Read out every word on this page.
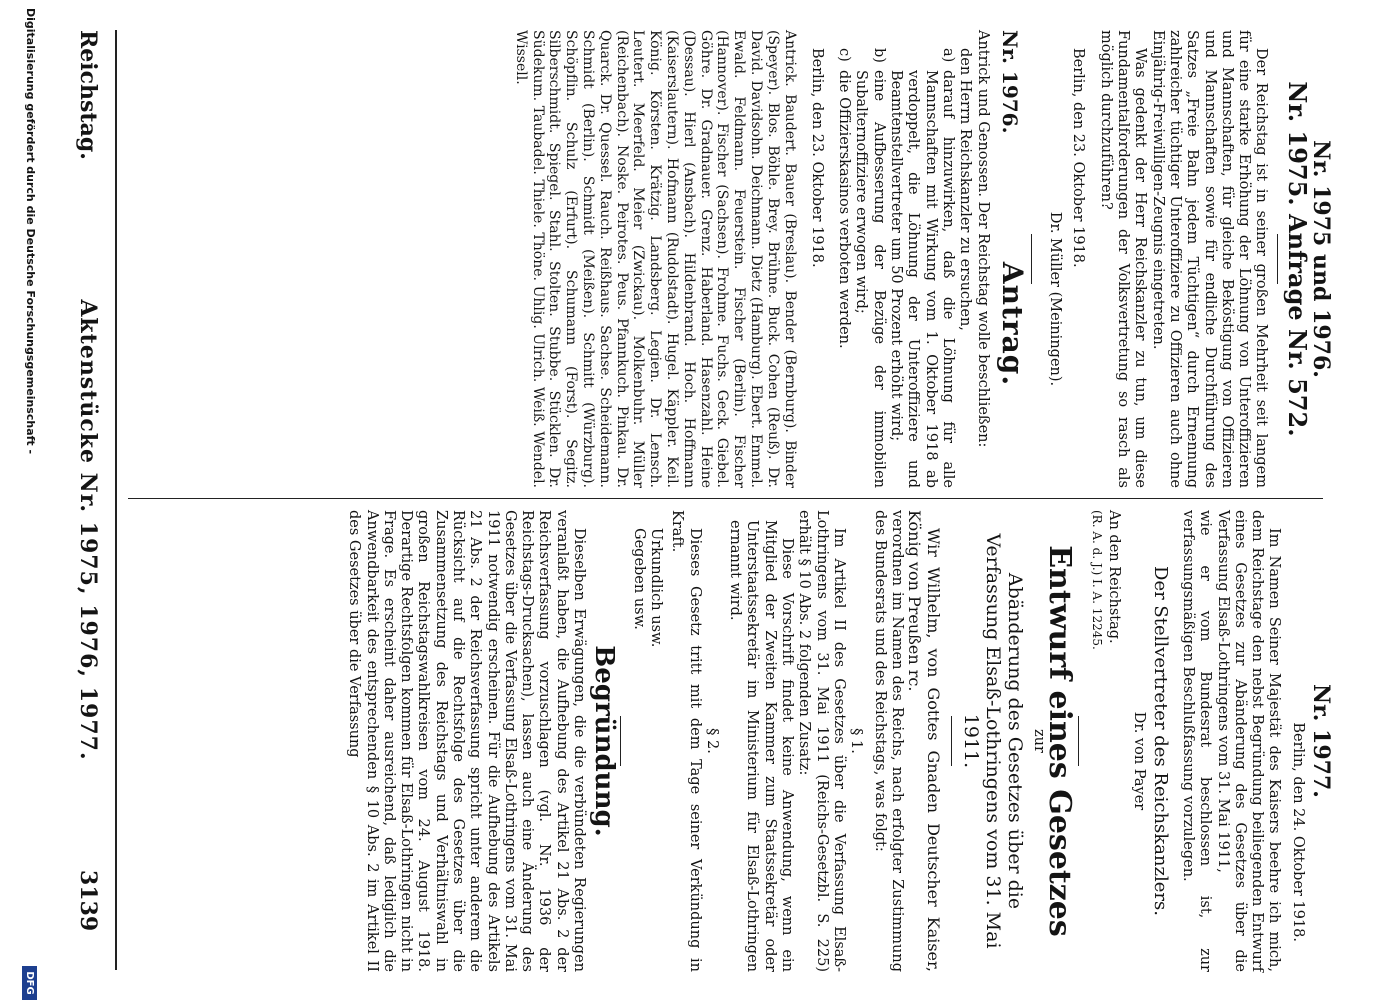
Reichstag.
Aktenstücke Nr. 1975, 1976, 1977.
3139
Nr. 1975 und 1976.
Nr. 1975. Anfrage Nr. 572.

Der Reichstag ist in seiner großen Mehrheit seit langem für eine starke Erhöhung der Löhnung von Unteroffizieren und Mannschaften, für gleiche Beköstigung von Offizieren und Mannschaften sowie für endliche Durchführung des Satzes „Freie Bahn jedem Tüchtigen“ durch Ernennung zahlreicher tüchtiger Unteroffiziere zu Offizieren auch ohne Einjährig-Freiwilligen-Zeugnis eingetreten.

Was gedenkt der Herr Reichskanzler zu tun, um diese Fundamentalforderungen der Volksvertretung so rasch als möglich durchzuführen?

Berlin, den 23. Oktober 1918.

Dr. Müller (Meiningen).

Nr. 1976.
Antrag.

Antrick und Genossen. Der Reichstag wolle beschließen:

den Herrn Reichskanzler zu ersuchen,

a)
darauf hinzuwirken, daß die Löhnung für alle Mannschaften mit Wirkung vom 1. Oktober 1918 ab verdoppelt, die Löhnung der Unteroffiziere und Beamtenstellvertreter um 50 Prozent erhöht wird;
b)
eine Aufbesserung der Bezüge der immobilen Subalternoffiziere erwogen wird;
c)
die Offizierskasinos verboten werden.

Berlin, den 23. Oktober 1918.

Antrick. Baudert. Bauer (Breslau). Bender (Bernburg). Binder (Speyer). Blos. Böhle. Brey. Brühne. Buck. Cohen (Reuß). Dr. David. Davidsohn. Deichmann. Dietz (Hamburg). Ebert. Emmel. Ewald. Feldmann. Feuerstein. Fischer (Berlin). Fischer (Hannover). Fischer (Sachsen). Frohme. Fuchs. Geck. Giebel. Göhre. Dr. Gradnauer. Grenz. Haberland. Hasenzahl. Heine (Dessau). Hierl (Ansbach). Hildenbrand. Hoch. Hoffmann (Kaiserslautern). Hofmann (Rudolstadt). Hugel. Käppler. Keil. König. Körsten. Krätzig. Landsberg. Legien. Dr. Lensch. Leutert. Meerfeld. Meier (Zwickau). Molkenbuhr. Müller (Reichenbach). Noske. Peirotes. Peus. Pfannkuch. Pinkau. Dr. Quarck. Dr. Quessel. Rauch. Reißhaus. Sachse. Scheidemann. Schmidt (Berlin). Schmidt (Meißen). Schmitt (Würzburg). Schöpflin. Schulz (Erfurt). Schumann (Forst). Segitz. Silberschmidt. Spiegel. Stahl. Stolten. Stubbe. Stücklen. Dr. Südekum. Taubadel. Thiele. Thöne. Uhlig. Ulrich. Weiß. Wendel. Wissell.

Nr. 1977.

Berlin, den 24. Oktober 1918.

Im Namen Seiner Majestät des Kaisers beehre ich mich, dem Reichstage den nebst Begründung beiliegenden Entwurf eines Gesetzes zur Abänderung des Gesetzes über die Verfassung Elsaß-Lothringens vom 31. Mai 1911,

wie er vom Bundesrat beschlossen ist, zur verfassungsmäßigen Beschlußfassung vorzulegen.

Der Stellvertreter des Reichskanzlers.

Dr. von Payer

An den Reichstag.

(R. A. d. J.) I. A. 12245.

Entwurf eines Gesetzes

zur

Abänderung des Gesetzes über die Verfassung Elsaß-Lothringens vom 31. Mai 1911.

Wir Wilhelm, von Gottes Gnaden Deutscher Kaiser, König von Preußen rc.

verordnen im Namen des Reichs, nach erfolgter Zustimmung des Bundesrats und des Reichstags, was folgt:

§ 1.

Im Artikel II des Gesetzes über die Verfassung Elsaß-Lothringens vom 31. Mai 1911 (Reichs-Gesetzbl. S. 225) erhält § 10 Abs. 2 folgenden Zusatz:

Diese Vorschrift findet keine Anwendung, wenn ein Mitglied der Zweiten Kammer zum Staatssekretär oder Unterstaatssekretär im Ministerium für Elsaß-Lothringen ernannt wird.

§ 2.

Dieses Gesetz tritt mit dem Tage seiner Verkündung in Kraft.

Urkundlich usw.

Gegeben usw.

Begründung.

Dieselben Erwägungen, die die verbündeten Regierungen veranlaßt haben, die Aufhebung des Artikel 21 Abs. 2 der Reichsverfassung vorzuschlagen (vgl. Nr. 1936 der Reichstags-Drucksachen), lassen auch eine Änderung des Gesetzes über die Verfassung Elsaß-Lothringens vom 31. Mai 1911 notwendig erscheinen. Für die Aufhebung des Artikels 21 Abs. 2 der Reichsverfassung spricht unter anderem die Rücksicht auf die Rechtsfolge des Gesetzes über die Zusammensetzung des Reichstags und Verhältniswahl in großen Reichstagswahlkreisen vom 24. August 1918. Derartige Rechtsfolgen kommen für Elsaß-Lothringen nicht in Frage. Es erscheint daher ausreichend, daß lediglich die Anwendbarkeit des entsprechenden § 10 Abs. 2 im Artikel II des Gesetzes über die Verfassung

Digitalisierung gefördert durch die Deutsche Forschungsgemeinschaft -
DFG
